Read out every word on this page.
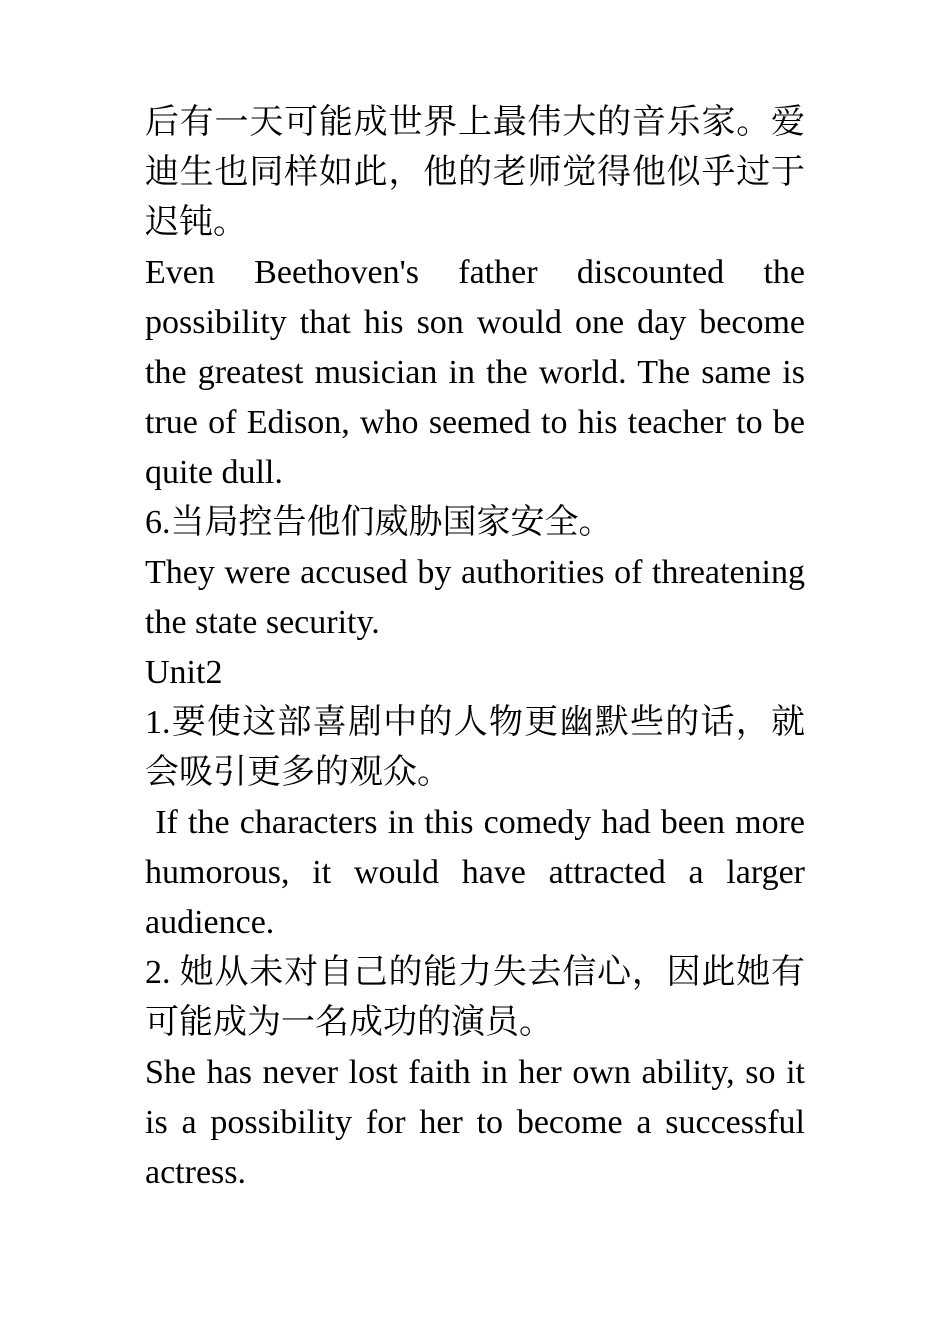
后有一天可能成世界上最伟大的音乐家。爱迪生也同样如此，他的老师觉得他似乎过于迟钝。

Even Beethoven's father discounted the possibility that his son would one day become the greatest musician in the world. The same is true of Edison, who seemed to his teacher to be quite dull.

6.当局控告他们威胁国家安全。

They were accused by authorities of threatening the state security.

Unit2

1.要使这部喜剧中的人物更幽默些的话，就会吸引更多的观众。

If the characters in this comedy had been more humorous, it would have attracted a larger audience.

2. 她从未对自己的能力失去信心，因此她有可能成为一名成功的演员。

She has never lost faith in her own ability, so it is a possibility for her to become a successful actress.
